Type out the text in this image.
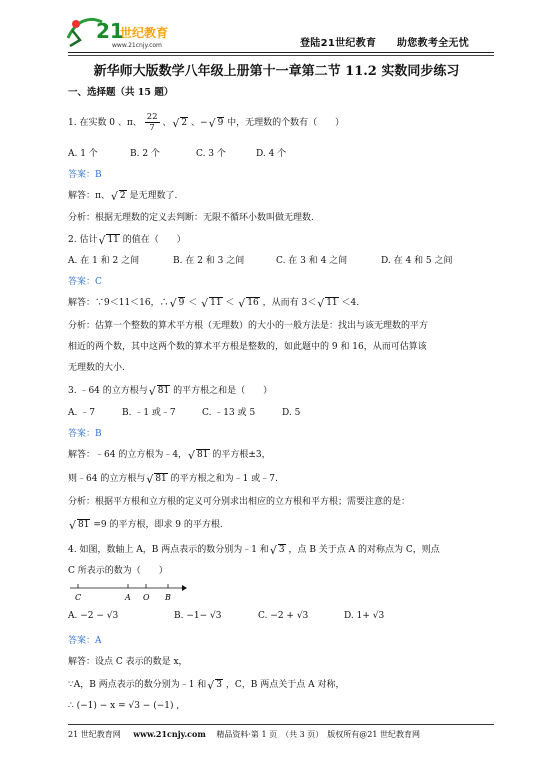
21
世纪教育
www.21cnjy.com	登陆21世纪教育　　助您教考全无忧
新华师大版数学八年级上册第十一章第二节 11.2 实数同步练习
一、选择题（共 15 题）
1. 在实数 0 、π、 $\frac{22}{7}$ 、 √ 2 、− √ 9 中，无理数的个数有（　　）
A. 1 个	B. 2 个	C. 3 个	D. 4 个
答案：B
解答：π、 √ 2 是无理数了.
分析：根据无理数的定义去判断：无限不循环小数叫做无理数.
2. 估计 √ 11 的值在（　　）
A. 在 1 和 2 之间	B. 在 2 和 3 之间	C. 在 3 和 4 之间	D. 在 4 和 5 之间
答案：C
解答：∵9＜11＜16，∴ √ 9 ＜ √ 11 ＜ √ 16 ，从而有 3＜ √ 11 ＜4.
分析：估算一个整数的算术平方根（无理数）的大小的一般方法是：找出与该无理数的平方
相近的两个数，其中这两个数的算术平方根是整数的，如此题中的 9 和 16，从而可估算该
无理数的大小.
3. ﹣64 的立方根与 √ 81 的平方根之和是（　　）
A. ﹣7	B. ﹣1 或﹣7	C. ﹣13 或 5	D. 5
答案：B
解答：﹣64 的立方根为﹣4， √ 81 的平方根±3，
则﹣64 的立方根与 √ 81 的平方根之和为﹣1 或﹣7.
分析：根据平方根和立方根的定义可分别求出相应的立方根和平方根；需要注意的是：
√ 81 =9 的平方根，即求 9 的平方根.
4. 如图，数轴上 A，B 两点表示的数分别为﹣1 和 √ 3 ，点 B 关于点 A 的对称点为 C，则点
C 所表示的数为（　　）
C	A O B
A. −2 − √3	B. −1− √3	C. −2 + √3	D. 1+ √3
答案：A
解答：设点 C 表示的数是 x，
∵A，B 两点表示的数分别为﹣1 和 √ 3 ，C，B 两点关于点 A 对称，
∴ (−1) − x = √3 − (−1) ,
21 世纪教育网 www.21cnjy.com 精品资料·第 1 页　（共 3 页）　版权所有@21 世纪教育网
